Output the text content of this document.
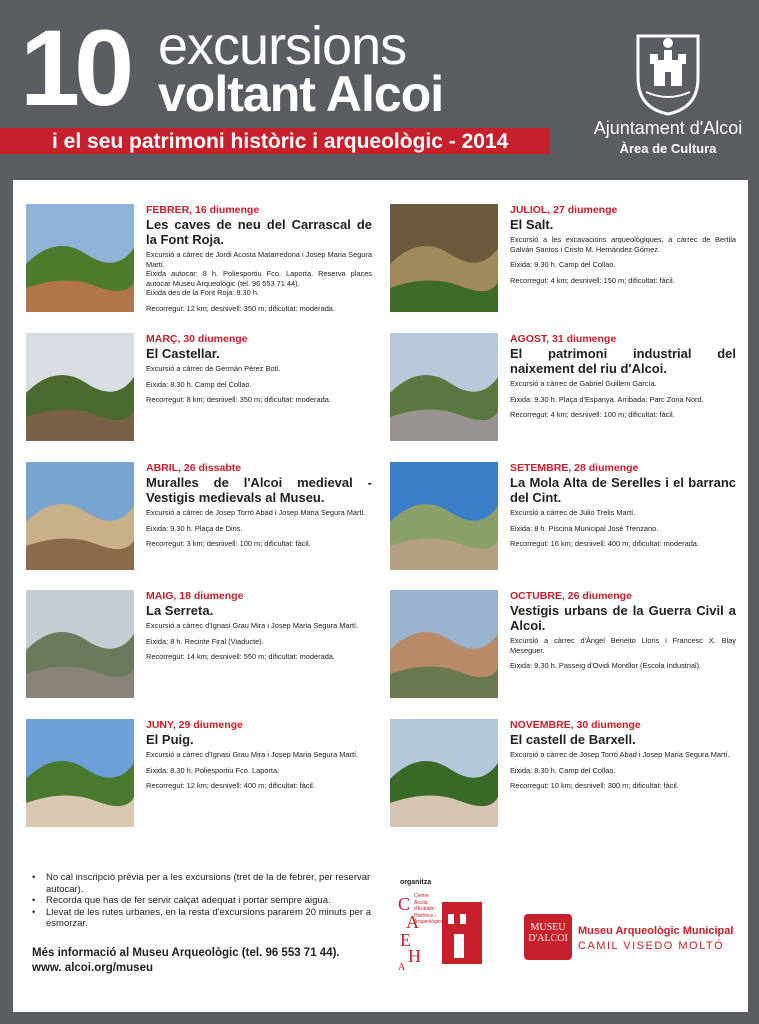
10 excursions
voltant Alcoi
i el seu patrimoni històric i arqueològic - 2014
Ajuntament d'Alcoi
Àrea de Cultura
FEBRER, 16 diumenge
Les caves de neu del Carrascal de la Font Roja.
Excursió a càrrec de Jordi Acosta Matarredona i Josep Maria Segura Martí.
Eixida autocar: 8 h. Poliesportiu Fco. Laporta. Reserva places autocar Museu Arqueològic (tel. 96 553 71 44).
Eixida des de la Font Roja: 8.30 h.
Recorregut: 12 km; desnivell: 350 m; dificultat: moderada.
JULIOL, 27 diumenge
El Salt.
Excursió a les excavacions arqueològiques, a càrrec de Bertila Galván Santos i Cristo M. Hernández Gómez.
Eixida: 9.30 h. Camp del Collao.
Recorregut: 4 km; desnivell: 150 m; dificultat: fàcil.
MARÇ, 30 diumenge
El Castellar.
Excursió a càrrec de Germán Pérez Botí.
Eixida: 8.30 h. Camp del Collao.
Recorregut: 8 km; desnivell: 350 m; dificultat: moderada.
AGOST, 31 diumenge
El patrimoni industrial del naixement del riu d'Alcoi.
Excursió a càrrec de Gabriel Guillem García.
Eixida: 9.30 h. Plaça d'Espanya. Arribada: Parc Zona Nord.
Recorregut: 4 km; desnivell: 100 m; dificultat: fàcil.
ABRIL, 26 dissabte
Muralles de l'Alcoi medieval - Vestigis medievals al Museu.
Excursió a càrrec de Josep Torró Abad i Josep Maria Segura Martí.
Eixida: 9.30 h. Plaça de Dins.
Recorregut: 3 km; desnivell: 100 m; dificultat: fàcil.
SETEMBRE, 28 diumenge
La Mola Alta de Serelles i el barranc del Cint.
Excursió a càrrec de Julio Trelis Martí.
Eixida: 8 h. Piscina Municipal José Trenzano.
Recorregut: 16 km; desnivell: 400 m; dificultat: moderada.
MAIG, 18 diumenge
La Serreta.
Excursió a càrrec d'Ignasi Grau Mira i Josep Maria Segura Martí.
Eixida: 8 h. Recinte Firal (Viaducte).
Recorregut: 14 km; desnivell: 550 m; dificultat: moderada.
OCTUBRE, 26 diumenge
Vestigis urbans de la Guerra Civil a Alcoi.
Excursió a càrrec d'Àngel Beneito Lloris i Francesc X. Blay Meseguer.
Eixida: 9.30 h. Passeig d'Ovidi Montllor (Escola Industrial).
JUNY, 29 diumenge
El Puig.
Excursió a càrrec d'Ignasi Grau Mira i Josep Maria Segura Martí.
Eixida: 8.30 h. Poliesportiu Fco. Laporta.
Recorregut: 12 km; desnivell: 400 m; dificultat: fàcil.
NOVEMBRE, 30 diumenge
El castell de Barxell.
Excursió a càrrec de Josep Torró Abad i Josep Maria Segura Martí.
Eixida: 8.30 h. Camp del Collao.
Recorregut: 10 km; desnivell: 300 m; dificultat: fàcil.
• No cal inscripció prèvia per a les excursions (tret de la de febrer, per reservar autocar).
• Recorda que has de fer servir calçat adequat i portar sempre aigua.
• Llevat de les rutes urbanes, en la resta d'excursions pararem 20 minuts per a esmorzar.
Més informació al Museu Arqueològic (tel. 96 553 71 44).
www. alcoi.org/museu
organitza
C
A
E
H
A
Centre
Alcoià
d'Estudis
Històrics i
Arqueològics	MUSEU
D'ALCOI
Museu Arqueològic Municipal
CAMIL VISEDO MOLTÓ
